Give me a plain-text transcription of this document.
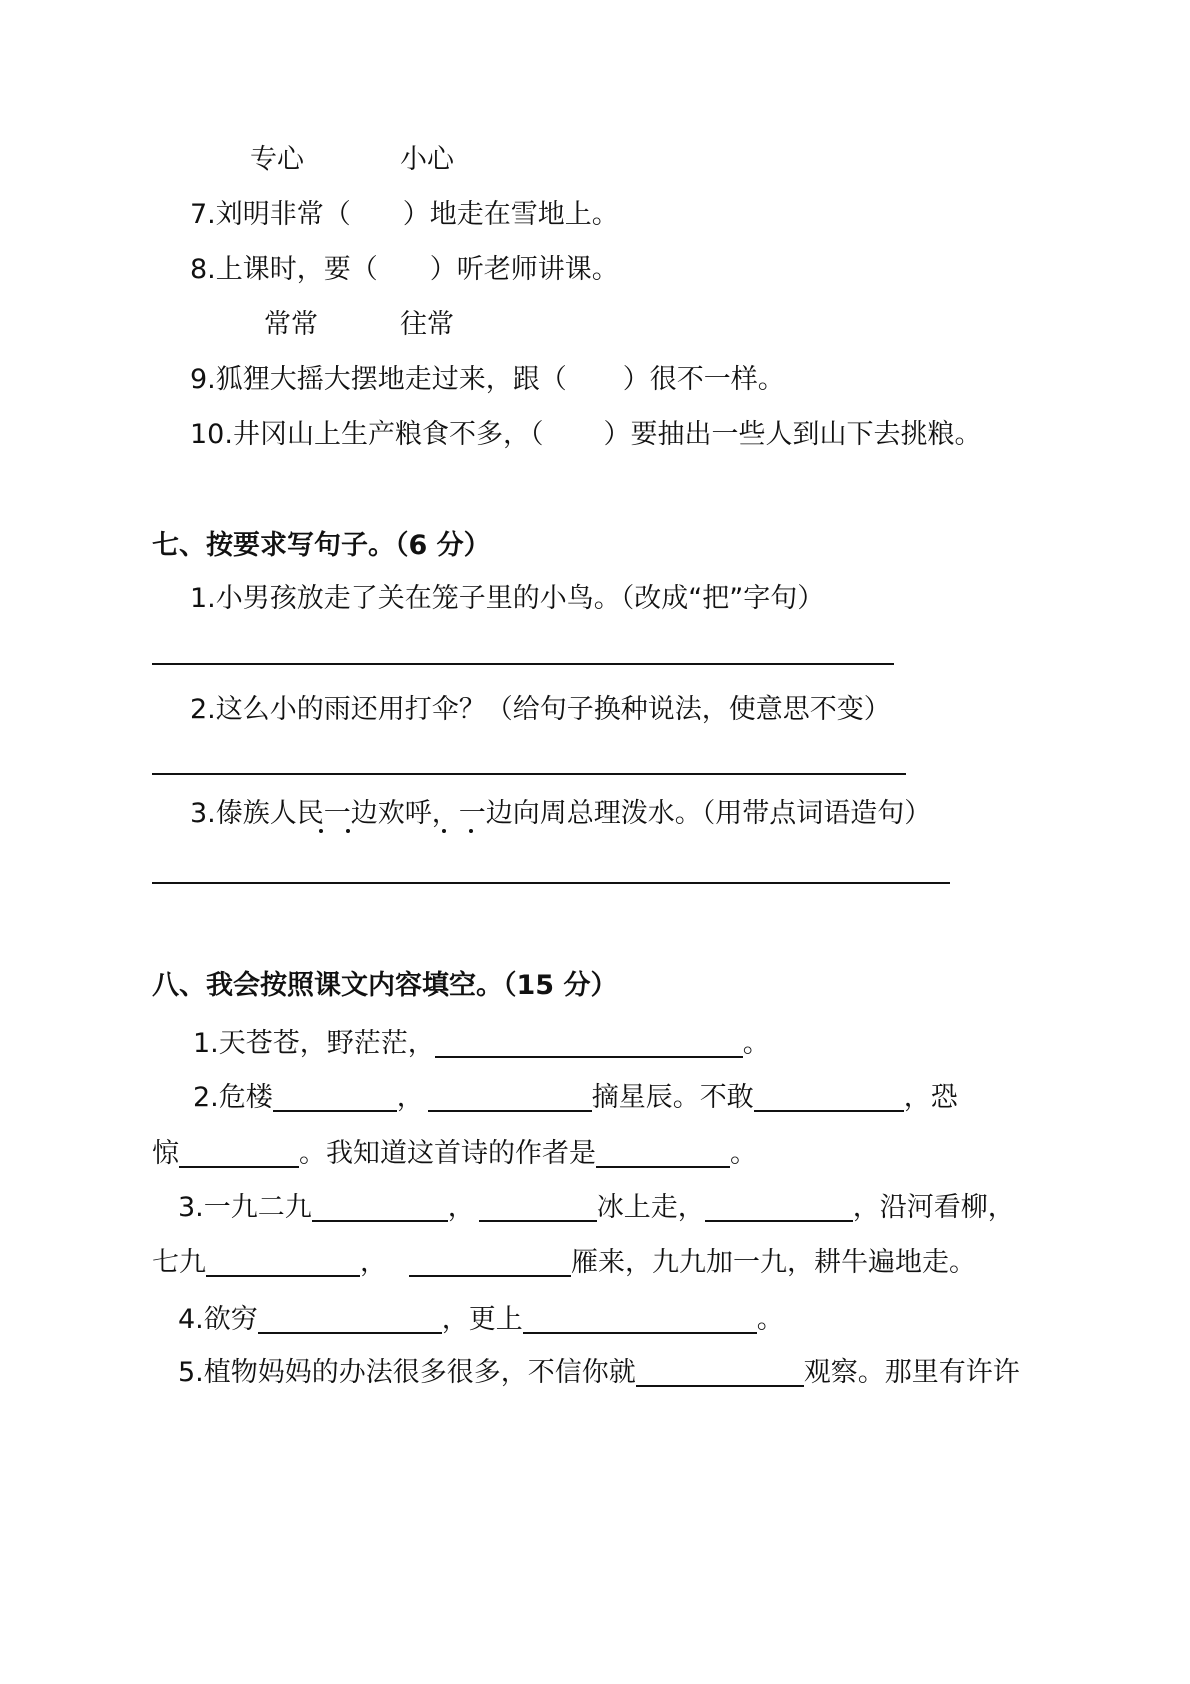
专心	小心
7.刘明非常（ ）地走在雪地上。
8.上课时，要（ ）听老师讲课。
常常	往常
9.狐狸大摇大摆地走过来，跟（ ）很不一样。
10.井冈山上生产粮食不多，（ ）要抽出一些人到山下去挑粮。
七、按要求写句子。（6 分）
1.小男孩放走了关在笼子里的小鸟。（改成“把”字句）
2.这么小的雨还用打伞？（给句子换种说法，使意思不变）
3.傣族人民一边欢呼，一边向周总理泼水。（用带点词语造句）
八、我会按照课文内容填空。（15 分）
1.天苍苍，野茫茫，	。
2.危楼	，	摘星辰。不敢	，恐
惊	。我知道这首诗的作者是	。
3.一九二九	，	冰上走，	，沿河看柳，
七九	，	雁来，九九加一九，耕牛遍地走。
4.欲穷	，更上	。
5.植物妈妈的办法很多很多，不信你就	观察。那里有许许
